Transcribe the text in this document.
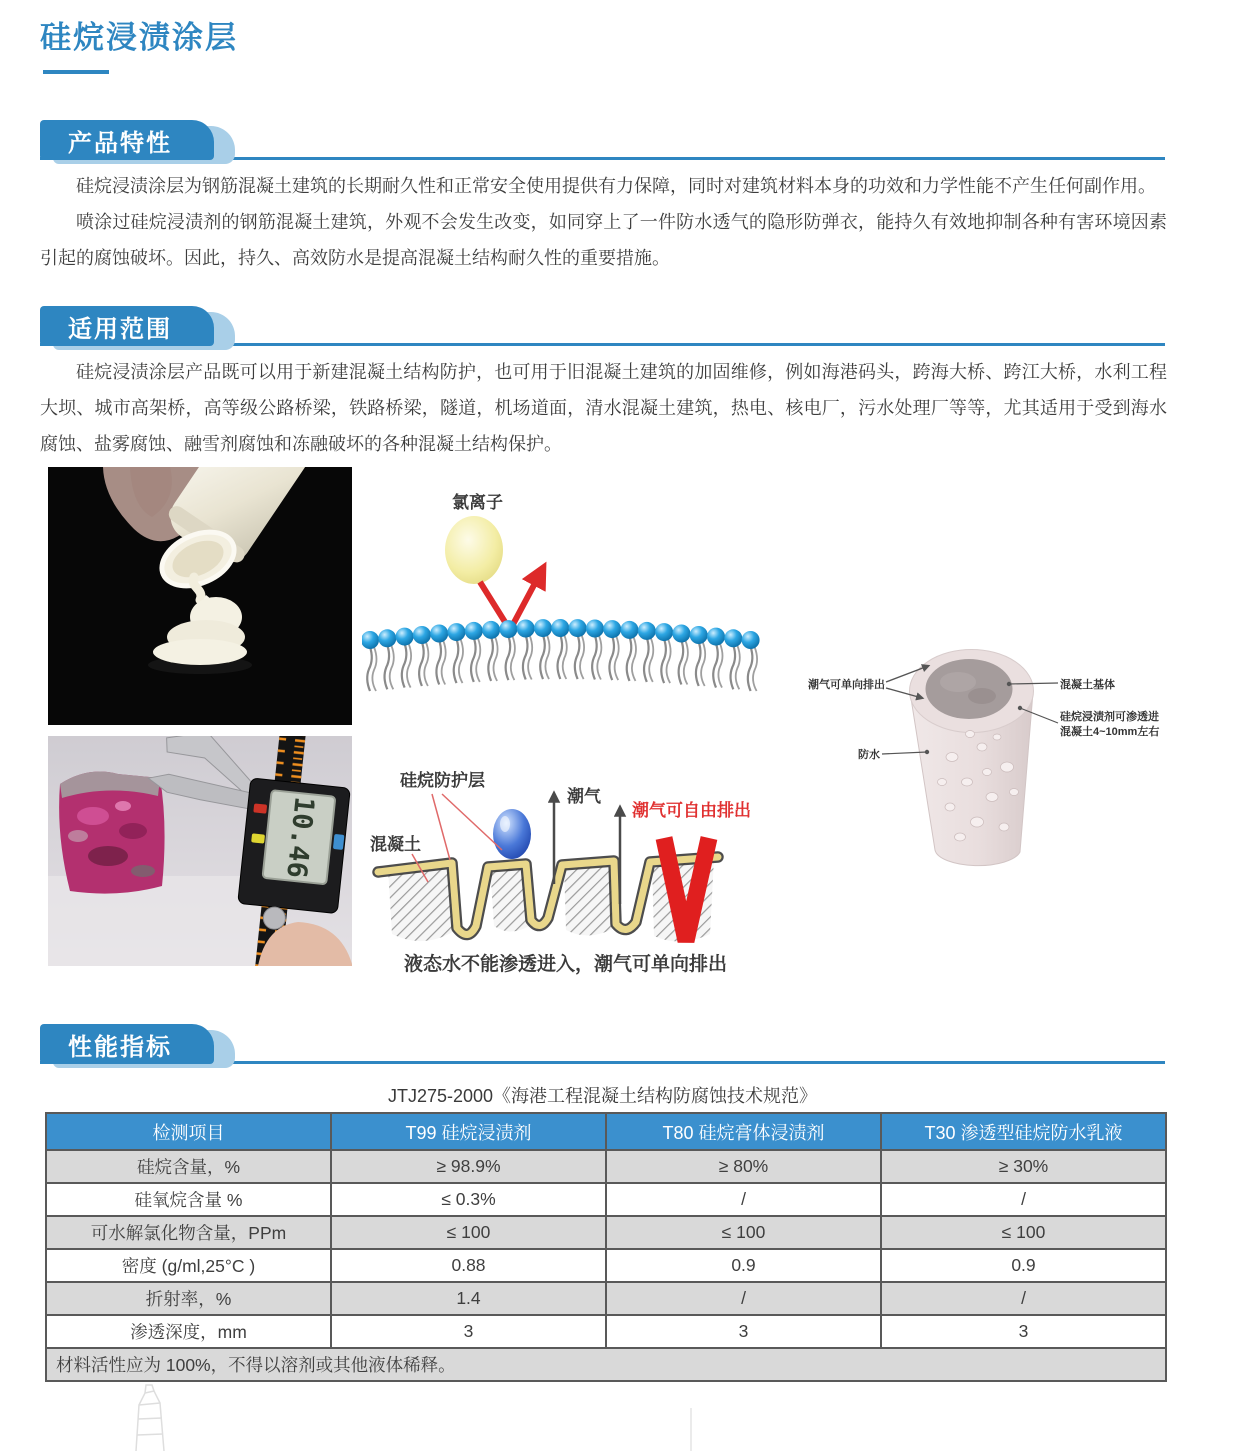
硅烷浸渍涂层
产品特性

硅烷浸渍涂层为钢筋混凝土建筑的长期耐久性和正常安全使用提供有力保障，同时对建筑材料本身的功效和力学性能不产生任何副作用。

喷涂过硅烷浸渍剂的钢筋混凝土建筑，外观不会发生改变，如同穿上了一件防水透气的隐形防弹衣，能持久有效地抑制各种有害环境因素引起的腐蚀破坏。因此，持久、高效防水是提高混凝土结构耐久性的重要措施。

适用范围

硅烷浸渍涂层产品既可以用于新建混凝土结构防护，也可用于旧混凝土建筑的加固维修，例如海港码头，跨海大桥、跨江大桥，水利工程大坝、城市高架桥，高等级公路桥梁，铁路桥梁，隧道，机场道面，清水混凝土建筑，热电、核电厂，污水处理厂等等，尤其适用于受到海水腐蚀、盐雾腐蚀、融雪剂腐蚀和冻融破坏的各种混凝土结构保护。

氯离子
10.46	潮气
潮气可自由排出
硅烷防护层
混凝土
液态水不能渗透进入，潮气可单向排出
潮气可单向排出	混凝土基体
硅烷浸渍剂可渗透进
混凝土4~10mm左右
防水
性能指标
JTJ275-2000《海港工程混凝土结构防腐蚀技术规范》
检测项目	T99 硅烷浸渍剂	T80 硅烷膏体浸渍剂	T30 渗透型硅烷防水乳液
硅烷含量，%	≥ 98.9%	≥ 80%	≥ 30%
硅氧烷含量 %	≤ 0.3%	/	/
可水解氯化物含量，PPm	≤ 100	≤ 100	≤ 100
密度 (g/ml,25°C )	0.88	0.9	0.9
折射率，%	1.4	/	/
渗透深度，mm	3	3	3
材料活性应为 100%，不得以溶剂或其他液体稀释。			
